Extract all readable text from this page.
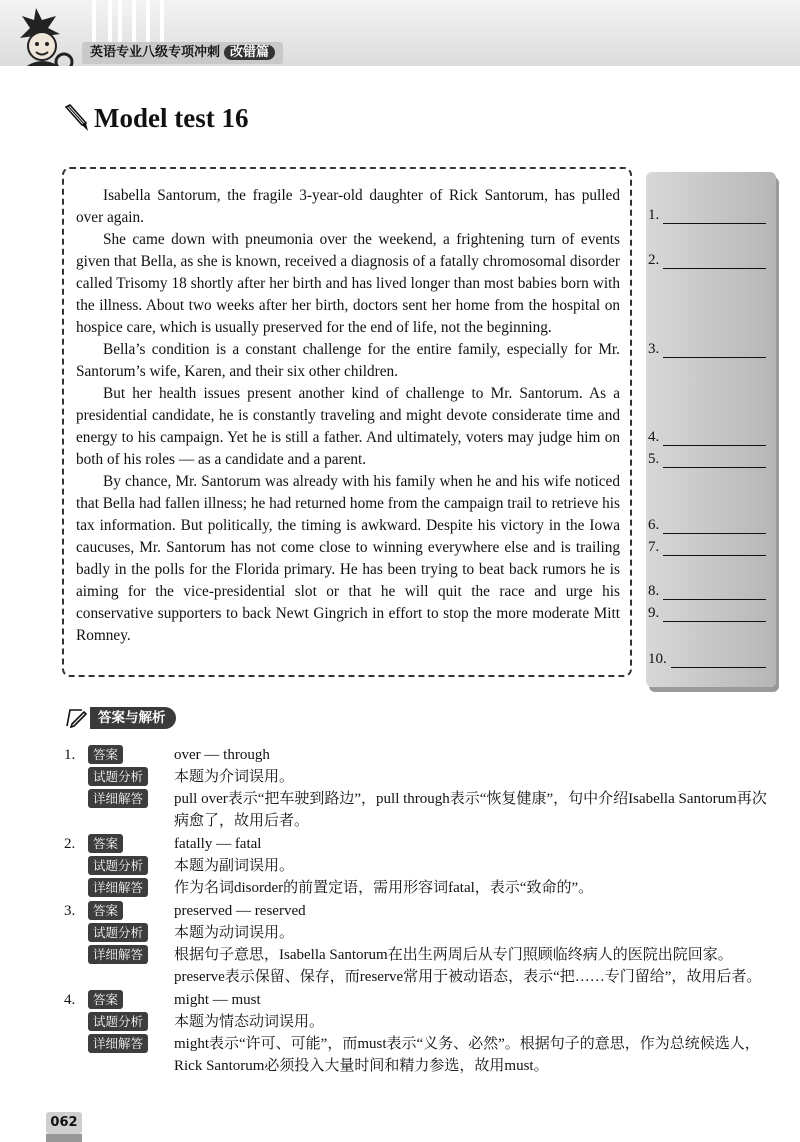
英语专业八级专项冲刺 改错篇
Model test 16

Isabella Santorum, the fragile 3-year-old daughter of Rick Santorum, has pulled over again.

She came down with pneumonia over the weekend, a frightening turn of events given that Bella, as she is known, received a diagnosis of a fatally chromosomal disorder called Trisomy 18 shortly after her birth and has lived longer than most babies born with the illness. About two weeks after her birth, doctors sent her home from the hospital on hospice care, which is usually preserved for the end of life, not the beginning.

Bella’s condition is a constant challenge for the entire family, especially for Mr. Santorum’s wife, Karen, and their six other children.

But her health issues present another kind of challenge to Mr. Santorum. As a presidential candidate, he is constantly traveling and might devote considerate time and energy to his campaign. Yet he is still a father. And ultimately, voters may judge him on both of his roles — as a candidate and a parent.

By chance, Mr. Santorum was already with his family when he and his wife noticed that Bella had fallen illness; he had returned home from the campaign trail to retrieve his tax information. But politically, the timing is awkward. Despite his victory in the Iowa caucuses, Mr. Santorum has not come close to winning everywhere else and is trailing badly in the polls for the Florida primary. He has been trying to beat back rumors he is aiming for the vice-presidential slot or that he will quit the race and urge his conservative supporters to back Newt Gingrich in effort to stop the more moderate Mitt Romney.

1.
2.
3.
4.
5.
6.
7.
8.
9.
10.
答案与解析
1.	答案	over — through
试题分析	本题为介词误用。
详细解答	pull over表示“把车驶到路边”，pull through表示“恢复健康”，句中介绍Isabella Santorum再次病愈了，故用后者。
2.	答案	fatally — fatal
试题分析	本题为副词误用。
详细解答	作为名词disorder的前置定语，需用形容词fatal，表示“致命的”。
3.	答案	preserved — reserved
试题分析	本题为动词误用。
详细解答	根据句子意思，Isabella Santorum在出生两周后从专门照顾临终病人的医院出院回家。preserve表示保留、保存，而reserve常用于被动语态，表示“把……专门留给”，故用后者。
4.	答案	might — must
试题分析	本题为情态动词误用。
详细解答	might表示“许可、可能”，而must表示“义务、必然”。根据句子的意思，作为总统候选人，Rick Santorum必须投入大量时间和精力参选，故用must。
062
